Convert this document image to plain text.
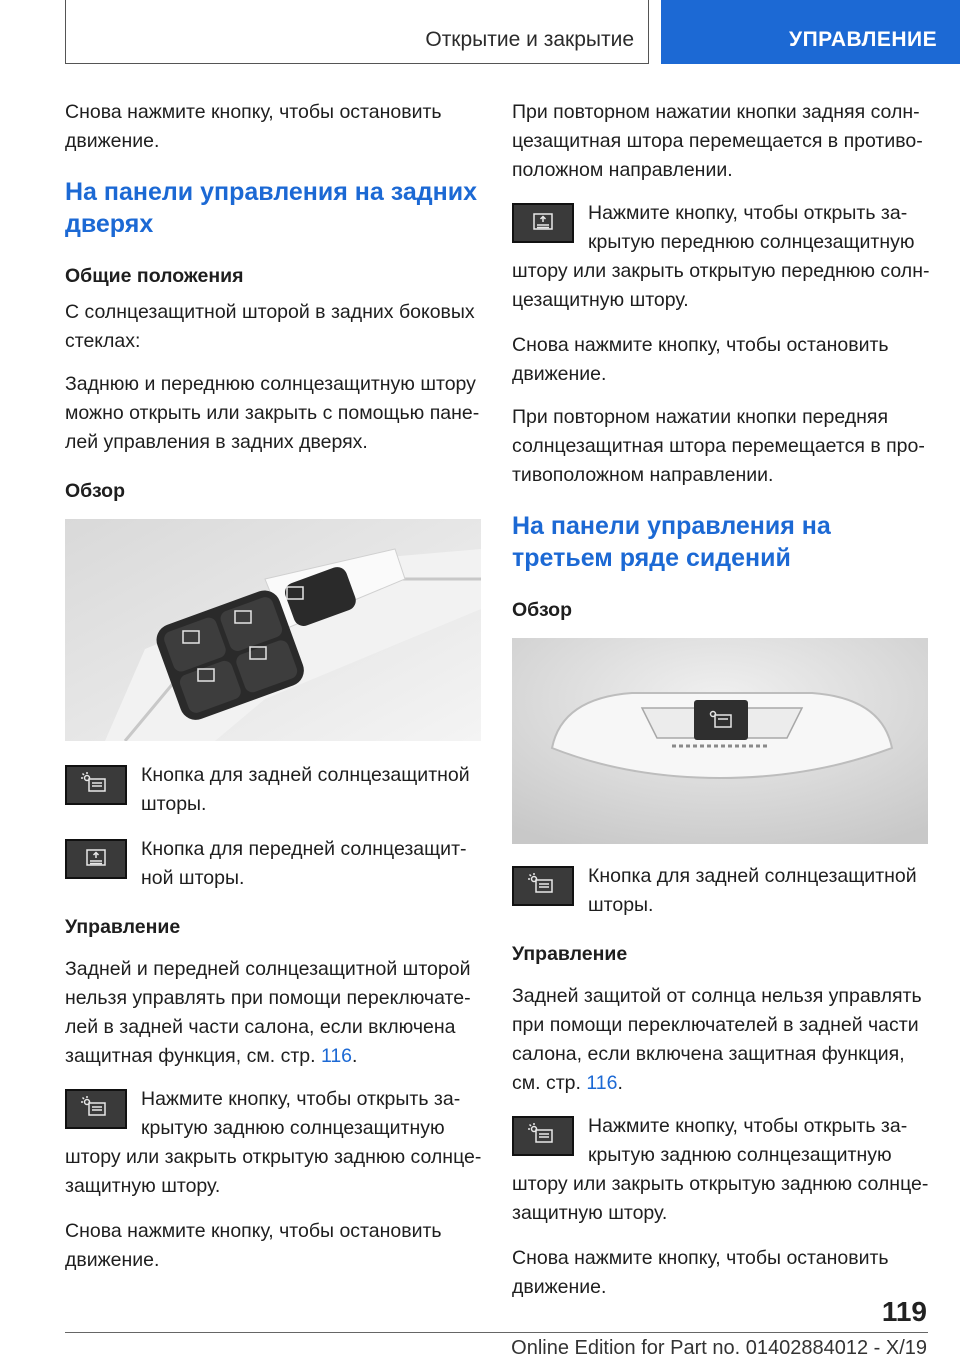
Открытие и закрытие	УПРАВЛЕНИЕ

Снова нажмите кнопку, чтобы остановить движение.

На панели управления на задних дверях
Общие положения

С солнцезащитной шторой в задних боковых стеклах:

Заднюю и переднюю солнцезащитную штору можно открыть или закрыть с помощью панелей управления в задних дверях.

Обзор

Кнопка для задней солнцезащитной шторы.

Кнопка для передней солнцезащитной шторы.

Управление

Задней и передней солнцезащитной шторой нельзя управлять при помощи переключателей в задней части салона, если включена защитная функция, см. стр. 116.

Нажмите кнопку, чтобы открыть закрытую заднюю солнцезащитную штору или закрыть открытую заднюю солнцезащитную штору.

Снова нажмите кнопку, чтобы остановить движение.

При повторном нажатии кнопки задняя солнцезащитная штора перемещается в противоположном направлении.

Нажмите кнопку, чтобы открыть закрытую переднюю солнцезащитную штору или закрыть открытую переднюю солнцезащитную штору.

Снова нажмите кнопку, чтобы остановить движение.

При повторном нажатии кнопки передняя солнцезащитная штора перемещается в противоположном направлении.

На панели управления на третьем ряде сидений
Обзор

Кнопка для задней солнцезащитной шторы.

Управление

Задней защитой от солнца нельзя управлять при помощи переключателей в задней части салона, если включена защитная функция, см. стр. 116.

Нажмите кнопку, чтобы открыть закрытую заднюю солнцезащитную штору или закрыть открытую заднюю солнцезащитную штору.

Снова нажмите кнопку, чтобы остановить движение.

119
Online Edition for Part no. 01402884012 - X/19
